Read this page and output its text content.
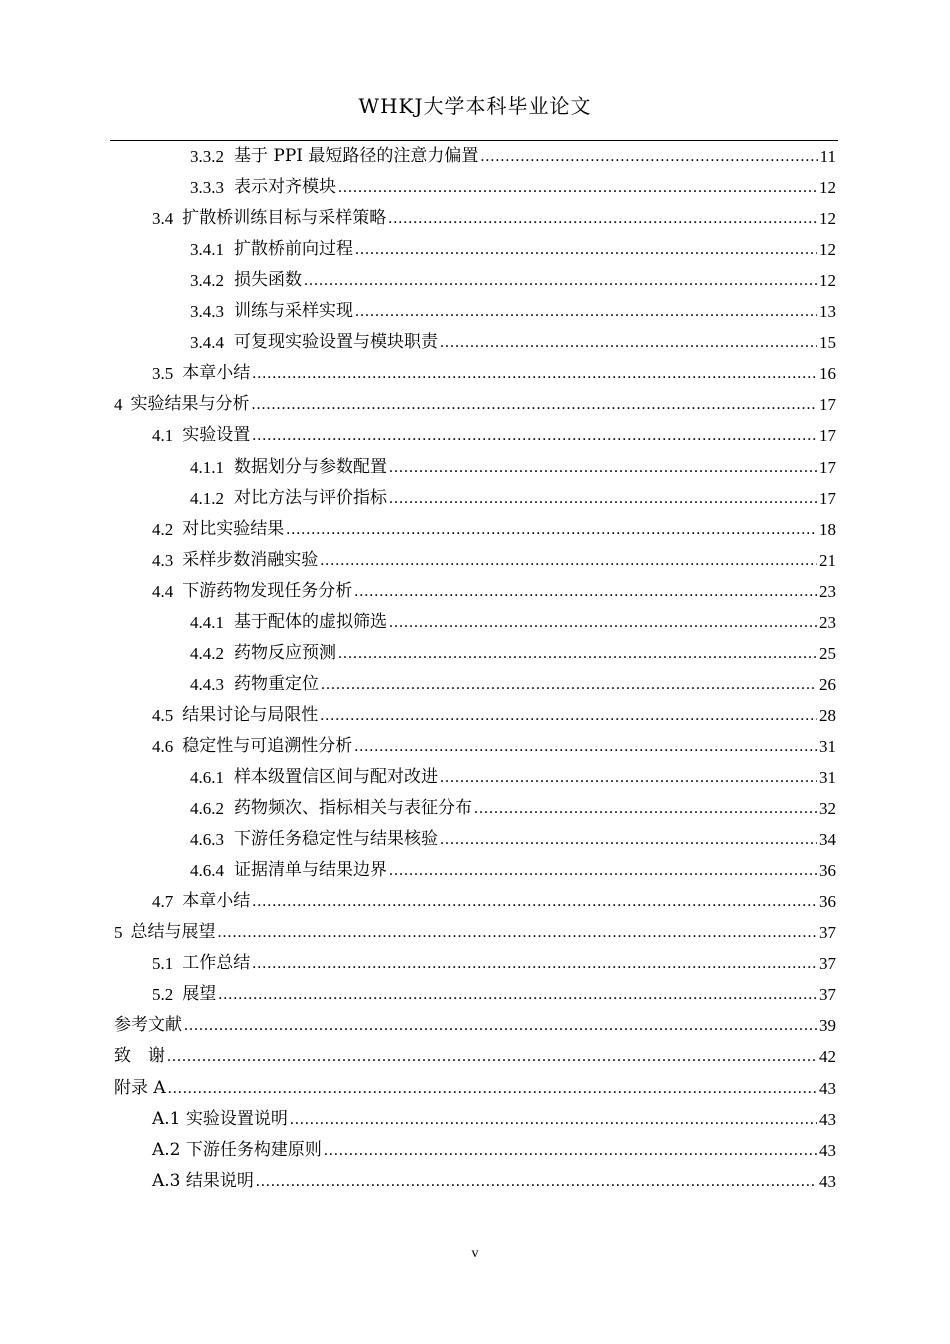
WHKJ大学本科毕业论文
3.3.2 基于 PPI 最短路径的注意力偏置 .....	11
3.3.3 表示对齐模块 .....	12
3.4 扩散桥训练目标与采样策略 .....	12
3.4.1 扩散桥前向过程 .....	12
3.4.2 损失函数 .....	12
3.4.3 训练与采样实现 .....	13
3.4.4 可复现实验设置与模块职责 .....	15
3.5 本章小结 .....	16
4 实验结果与分析 .....	17
4.1 实验设置 .....	17
4.1.1 数据划分与参数配置 .....	17
4.1.2 对比方法与评价指标 .....	17
4.2 对比实验结果 .....	18
4.3 采样步数消融实验 .....	21
4.4 下游药物发现任务分析 .....	23
4.4.1 基于配体的虚拟筛选 .....	23
4.4.2 药物反应预测 .....	25
4.4.3 药物重定位 .....	26
4.5 结果讨论与局限性 .....	28
4.6 稳定性与可追溯性分析 .....	31
4.6.1 样本级置信区间与配对改进 .....	31
4.6.2 药物频次、指标相关与表征分布 .....	32
4.6.3 下游任务稳定性与结果核验 .....	34
4.6.4 证据清单与结果边界 .....	36
4.7 本章小结 .....	36
5 总结与展望 .....	37
5.1 工作总结 .....	37
5.2 展望 .....	37
参考文献 .....	39
致　谢 .....	42
附录 A .....	43
A.1 实验设置说明 .....	43
A.2 下游任务构建原则 .....	43
A.3 结果说明 .....	43
v
